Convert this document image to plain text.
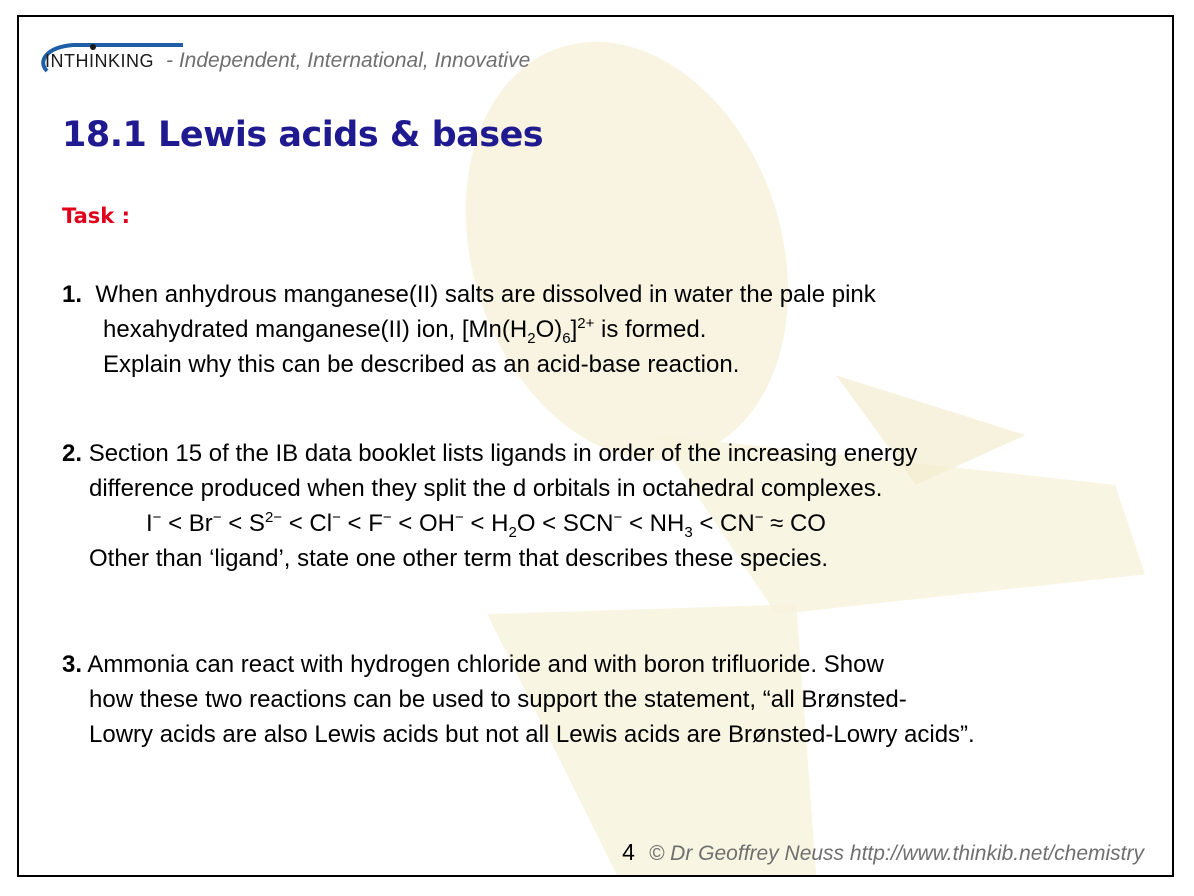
INTHINKING - Independent, International, Innovative
18.1 Lewis acids & bases
Task :

1. When anhydrous manganese(II) salts are dissolved in water the pale pink

hexahydrated manganese(II) ion, $[Mn(H_2O)_6]^{2+}$ is formed.

Explain why this can be described as an acid-base reaction.

2. Section 15 of the IB data booklet lists ligands in order of the increasing energy

difference produced when they split the d orbitals in octahedral complexes.

$I^- < Br^- < S^{2-} < Cl^- < F^- < OH^- < H_2O < SCN^- < NH_3 < CN^-$ ≈ CO

Other than ‘ligand’, state one other term that describes these species.

3. Ammonia can react with hydrogen chloride and with boron trifluoride. Show

how these two reactions can be used to support the statement, “all Brønsted-

Lowry acids are also Lewis acids but not all Lewis acids are Brønsted-Lowry acids”.

4 © Dr Geoffrey Neuss http://www.thinkib.net/chemistry
